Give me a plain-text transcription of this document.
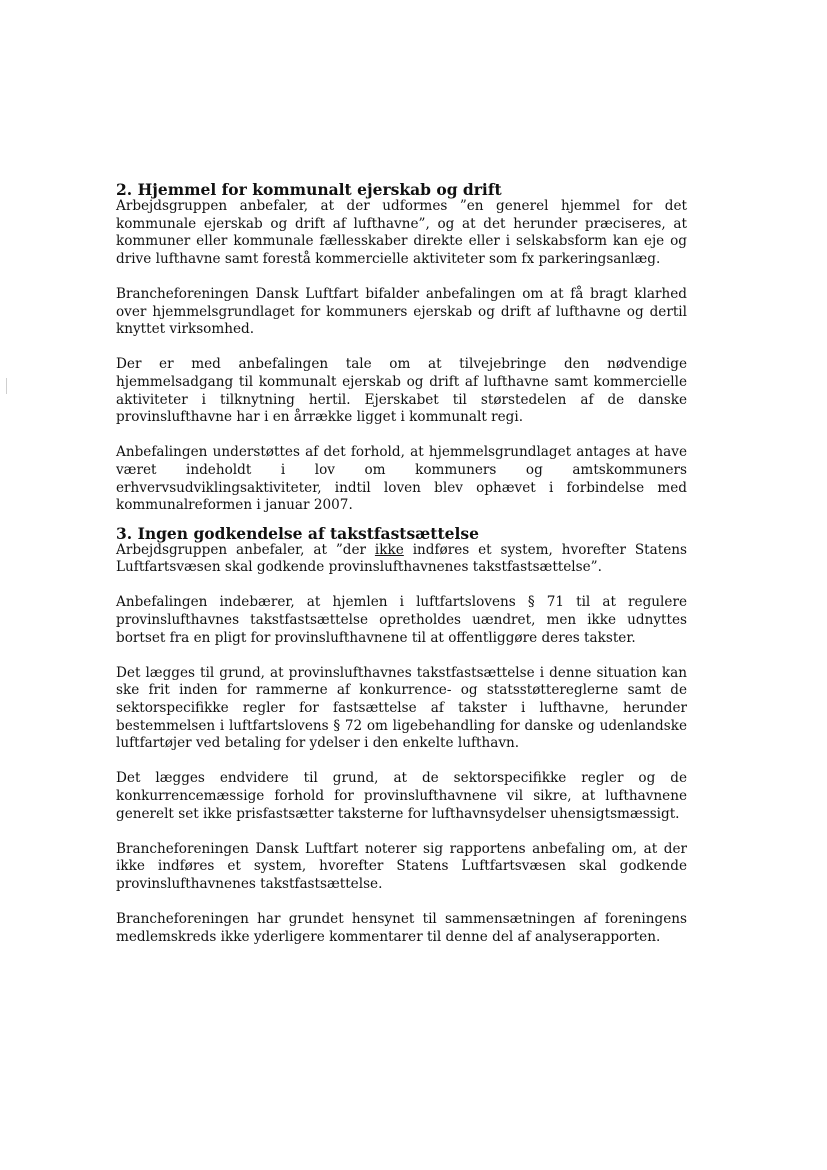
2. Hjemmel for kommunalt ejerskab og drift

Arbejdsgruppen anbefaler, at der udformes ”en generel hjemmel for det kommunale ejerskab og drift af lufthavne”, og at det herunder præciseres, at kommuner eller kommunale fællesskaber direkte eller i selskabsform kan eje og drive lufthavne samt forestå kommercielle aktiviteter som fx parkeringsanlæg.

Brancheforeningen Dansk Luftfart bifalder anbefalingen om at få bragt klarhed over hjemmelsgrundlaget for kommuners ejerskab og drift af lufthavne og dertil knyttet virksomhed.

Der er med anbefalingen tale om at tilvejebringe den nødvendige hjemmelsadgang til kommunalt ejerskab og drift af lufthavne samt kommercielle aktiviteter i tilknytning hertil. Ejerskabet til størstedelen af de danske provinslufthavne har i en årrække ligget i kommunalt regi.

Anbefalingen understøttes af det forhold, at hjemmelsgrundlaget antages at have været indeholdt i lov om kommuners og amtskommuners erhvervsudviklingsaktiviteter, indtil loven blev ophævet i forbindelse med kommunalreformen i januar 2007.

3. Ingen godkendelse af takstfastsættelse

Arbejdsgruppen anbefaler, at ”der ikke indføres et system, hvorefter Statens Luftfartsvæsen skal godkende provinslufthavnenes takstfastsættelse”.

Anbefalingen indebærer, at hjemlen i luftfartslovens § 71 til at regulere provinslufthavnes takstfastsættelse opretholdes uændret, men ikke udnyttes bortset fra en pligt for provinslufthavnene til at offentliggøre deres takster.

Det lægges til grund, at provinslufthavnes takstfastsættelse i denne situation kan ske frit inden for rammerne af konkurrence- og statsstøttereglerne samt de sektorspecifikke regler for fastsættelse af takster i lufthavne, herunder bestemmelsen i luftfartslovens § 72 om ligebehandling for danske og udenlandske luftfartøjer ved betaling for ydelser i den enkelte lufthavn.

Det lægges endvidere til grund, at de sektorspecifikke regler og de konkurrencemæssige forhold for provinslufthavnene vil sikre, at lufthavnene generelt set ikke prisfastsætter taksterne for lufthavnsydelser uhensigtsmæssigt.

Brancheforeningen Dansk Luftfart noterer sig rapportens anbefaling om, at der ikke indføres et system, hvorefter Statens Luftfartsvæsen skal godkende provinslufthavnenes takstfastsættelse.

Brancheforeningen har grundet hensynet til sammensætningen af foreningens medlemskreds ikke yderligere kommentarer til denne del af analyserapporten.
